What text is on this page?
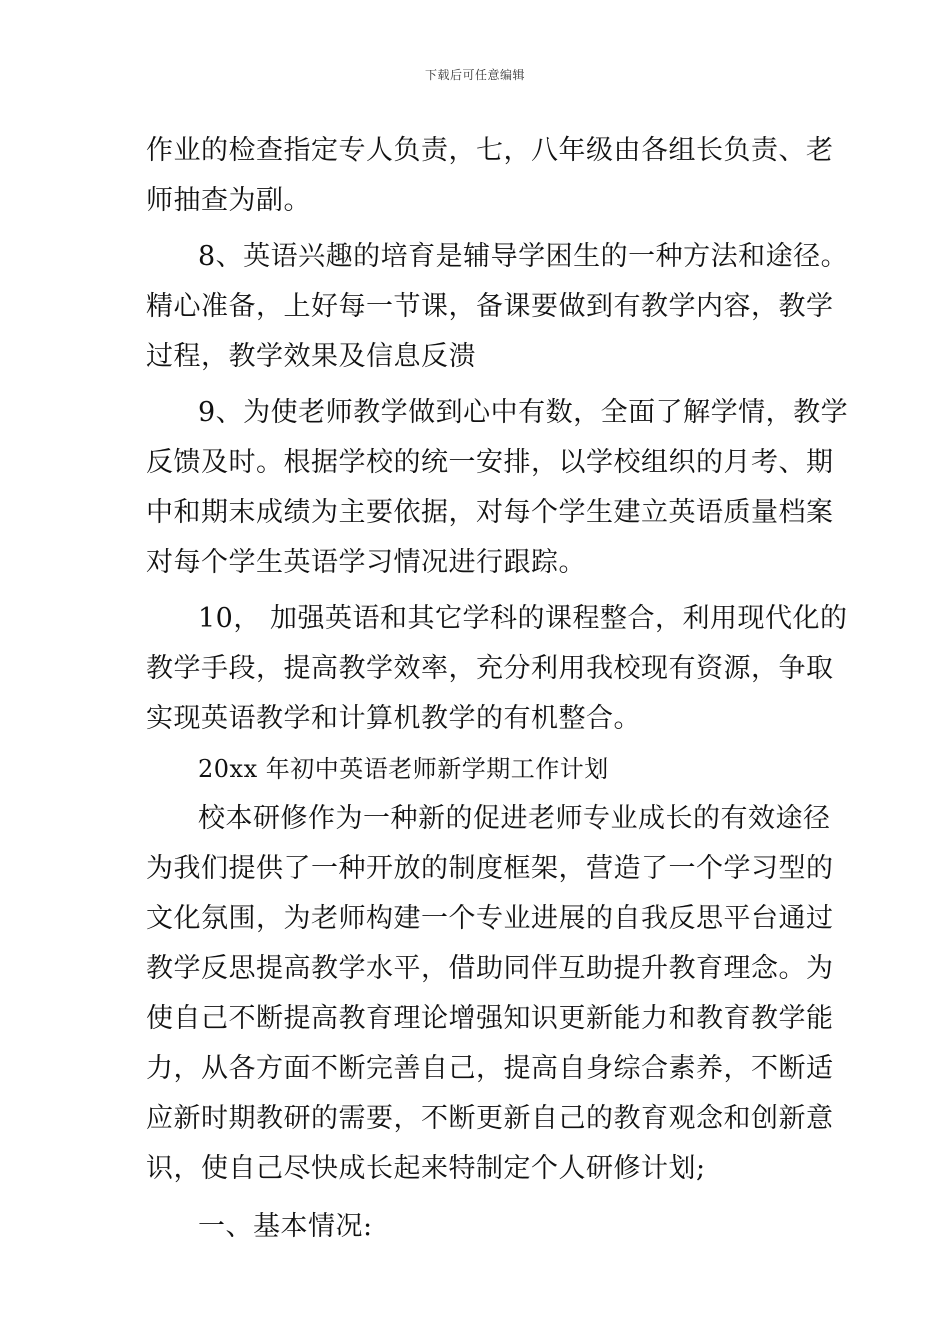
下载后可任意编辑
作业的检查指定专人负责，七，八年级由各组长负责、老
师抽查为副。
8、英语兴趣的培育是辅导学困生的一种方法和途径。
精心准备，上好每一节课，备课要做到有教学内容，教学
过程，教学效果及信息反溃
9、为使老师教学做到心中有数，全面了解学情，教学
反馈及时。根据学校的统一安排，以学校组织的月考、期
中和期末成绩为主要依据，对每个学生建立英语质量档案
对每个学生英语学习情况进行跟踪。
10， 加强英语和其它学科的课程整合，利用现代化的
教学手段，提高教学效率，充分利用我校现有资源，争取
实现英语教学和计算机教学的有机整合。
20xx 年初中英语老师新学期工作计划
校本研修作为一种新的促进老师专业成长的有效途径
为我们提供了一种开放的制度框架，营造了一个学习型的
文化氛围，为老师构建一个专业进展的自我反思平台通过
教学反思提高教学水平，借助同伴互助提升教育理念。为
使自己不断提高教育理论增强知识更新能力和教育教学能
力，从各方面不断完善自己，提高自身综合素养，不断适
应新时期教研的需要，不断更新自己的教育观念和创新意
识，使自己尽快成长起来特制定个人研修计划;
一、基本情况:
